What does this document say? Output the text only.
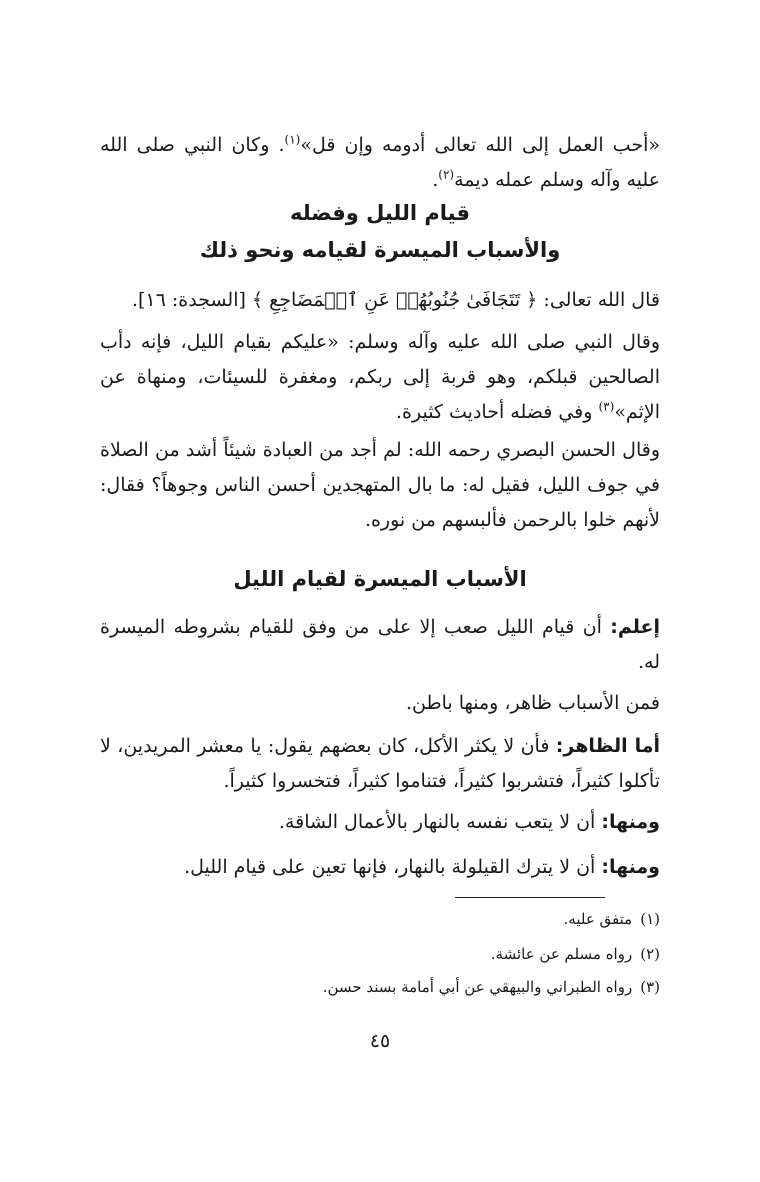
«أحب العمل إلى الله تعالى أدومه وإن قل»$^{(١)}$. وكان النبي صلى الله عليه وآله وسلم عمله ديمة$^{(٢)}$.

قيام الليل وفضله
والأسباب الميسرة لقيامه ونحو ذلك

قال الله تعالى: ﴿ تَتَجَافَىٰ جُنُوبُهُمۡ عَنِ ٱلۡمَضَاجِعِ ﴾ [السجدة: ١٦].

وقال النبي صلى الله عليه وآله وسلم: «عليكم بقيام الليل، فإنه دأب الصالحين قبلكم، وهو قربة إلى ربكم، ومغفرة للسيئات، ومنهاة عن الإثم»$^{(٣)}$ وفي فضله أحاديث كثيرة.

وقال الحسن البصري رحمه الله: لم أجد من العبادة شيئاً أشد من الصلاة في جوف الليل، فقيل له: ما بال المتهجدين أحسن الناس وجوهاً؟ فقال: لأنهم خلوا بالرحمن فألبسهم من نوره.

الأسباب الميسرة لقيام الليل

إعلم: أن قيام الليل صعب إلا على من وفق للقيام بشروطه الميسرة له.

فمن الأسباب ظاهر، ومنها باطن.

أما الظاهر: فأن لا يكثر الأكل، كان بعضهم يقول: يا معشر المريدين، لا تأكلوا كثيراً، فتشربوا كثيراً، فتناموا كثيراً، فتخسروا كثيراً.

ومنها: أن لا يتعب نفسه بالنهار بالأعمال الشاقة.

ومنها: أن لا يترك القيلولة بالنهار، فإنها تعين على قيام الليل.

(١)متفق عليه.

(٢)رواه مسلم عن عائشة.

(٣)رواه الطبراني والبيهقي عن أبي أمامة بسند حسن.

٤٥
